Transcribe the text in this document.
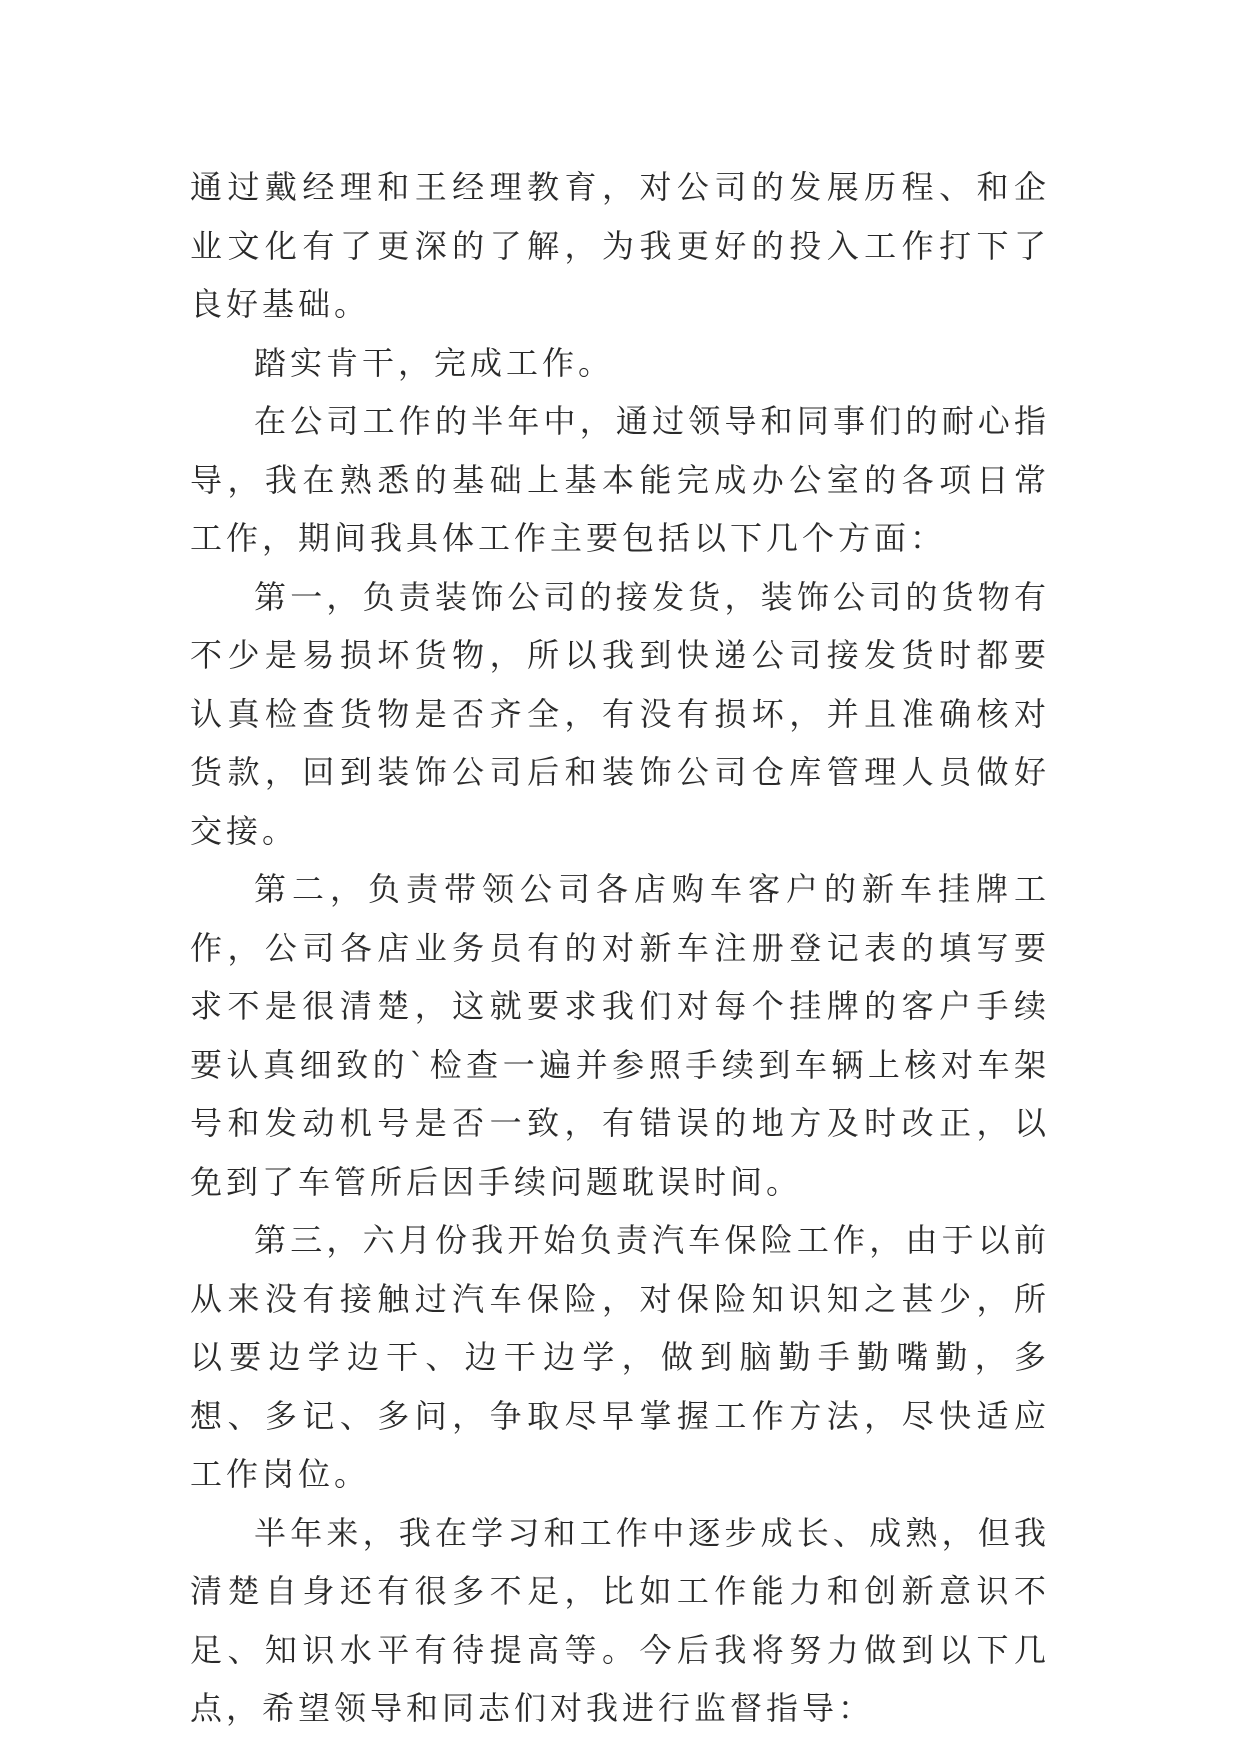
通过戴经理和王经理教育，对公司的发展历程、和企业文化有了更深的了解，为我更好的投入工作打下了良好基础。

踏实肯干，完成工作。

在公司工作的半年中，通过领导和同事们的耐心指导，我在熟悉的基础上基本能完成办公室的各项日常工作，期间我具体工作主要包括以下几个方面：

第一，负责装饰公司的接发货，装饰公司的货物有不少是易损坏货物，所以我到快递公司接发货时都要认真检查货物是否齐全，有没有损坏，并且准确核对货款，回到装饰公司后和装饰公司仓库管理人员做好交接。

第二，负责带领公司各店购车客户的新车挂牌工作，公司各店业务员有的对新车注册登记表的填写要求不是很清楚，这就要求我们对每个挂牌的客户手续要认真细致的`检查一遍并参照手续到车辆上核对车架号和发动机号是否一致，有错误的地方及时改正，以免到了车管所后因手续问题耽误时间。

第三，六月份我开始负责汽车保险工作，由于以前从来没有接触过汽车保险，对保险知识知之甚少，所以要边学边干、边干边学，做到脑勤手勤嘴勤，多想、多记、多问，争取尽早掌握工作方法，尽快适应工作岗位。

半年来，我在学习和工作中逐步成长、成熟，但我清楚自身还有很多不足，比如工作能力和创新意识不足、知识水平有待提高等。今后我将努力做到以下几点，希望领导和同志们对我进行监督指导：
